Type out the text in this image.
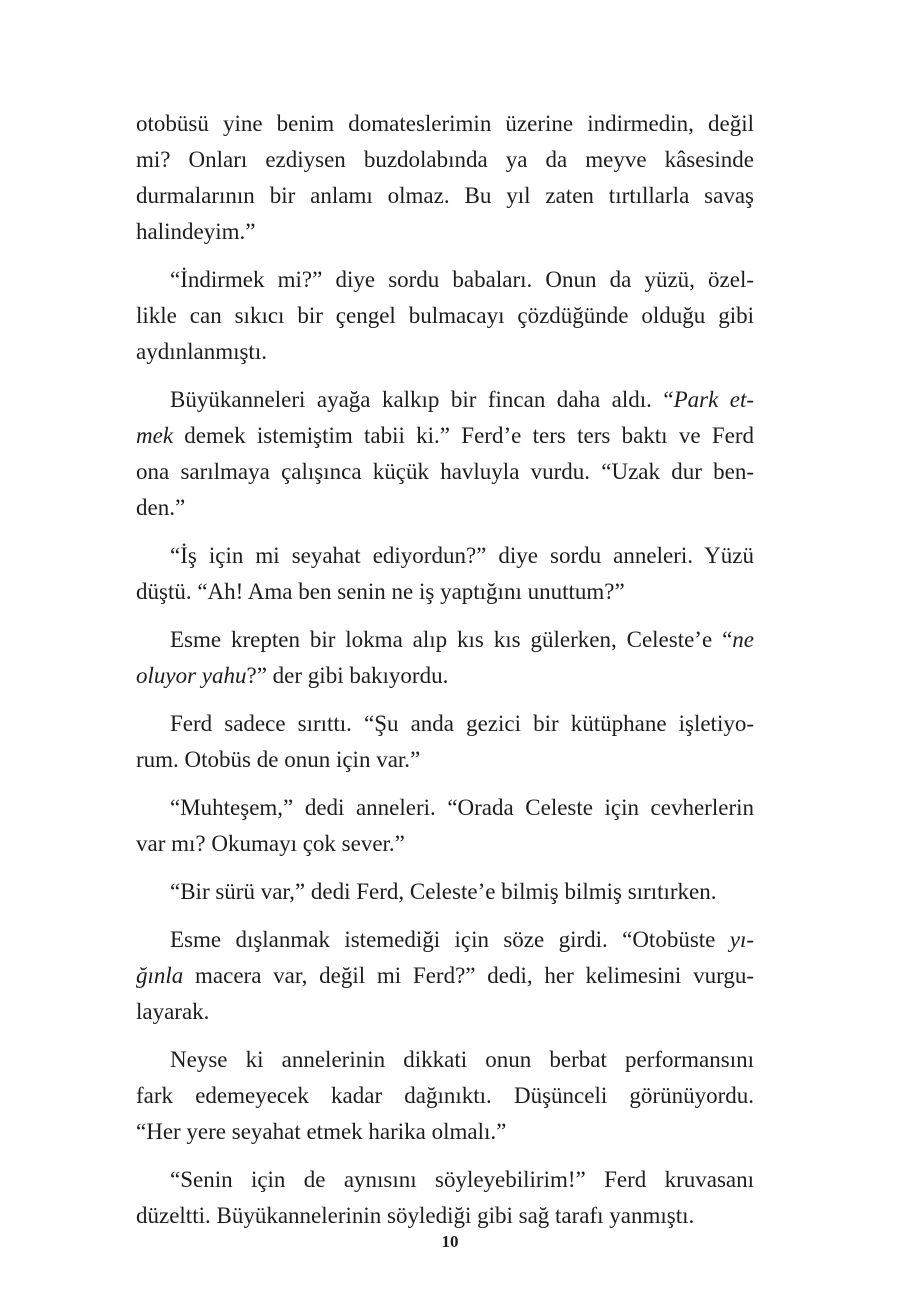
otobüsü yine benim domateslerimin üzerine indirmedin, değil
mi? Onları ezdiysen buzdolabında ya da meyve kâsesinde
durmalarının bir anlamı olmaz. Bu yıl zaten tırtıllarla savaş
halindeyim.”
“İndirmek mi?” diye sordu babaları. Onun da yüzü, özel-
likle can sıkıcı bir çengel bulmacayı çözdüğünde olduğu gibi
aydınlanmıştı.
Büyükanneleri ayağa kalkıp bir fincan daha aldı. “Park et-
mek demek istemiştim tabii ki.” Ferd’e ters ters baktı ve Ferd
ona sarılmaya çalışınca küçük havluyla vurdu. “Uzak dur ben-
den.”
“İş için mi seyahat ediyordun?” diye sordu anneleri. Yüzü
düştü. “Ah! Ama ben senin ne iş yaptığını unuttum?”
Esme krepten bir lokma alıp kıs kıs gülerken, Celeste’e “ne
oluyor yahu?” der gibi bakıyordu.
Ferd sadece sırıttı. “Şu anda gezici bir kütüphane işletiyo-
rum. Otobüs de onun için var.”
“Muhteşem,” dedi anneleri. “Orada Celeste için cevherlerin
var mı? Okumayı çok sever.”
“Bir sürü var,” dedi Ferd, Celeste’e bilmiş bilmiş sırıtırken.
Esme dışlanmak istemediği için söze girdi. “Otobüste yı-
ğınla macera var, değil mi Ferd?” dedi, her kelimesini vurgu-
layarak.
Neyse ki annelerinin dikkati onun berbat performansını
fark edemeyecek kadar dağınıktı. Düşünceli görünüyordu.
“Her yere seyahat etmek harika olmalı.”
“Senin için de aynısını söyleyebilirim!” Ferd kruvasanı
düzeltti. Büyükannelerinin söylediği gibi sağ tarafı yanmıştı.
10
